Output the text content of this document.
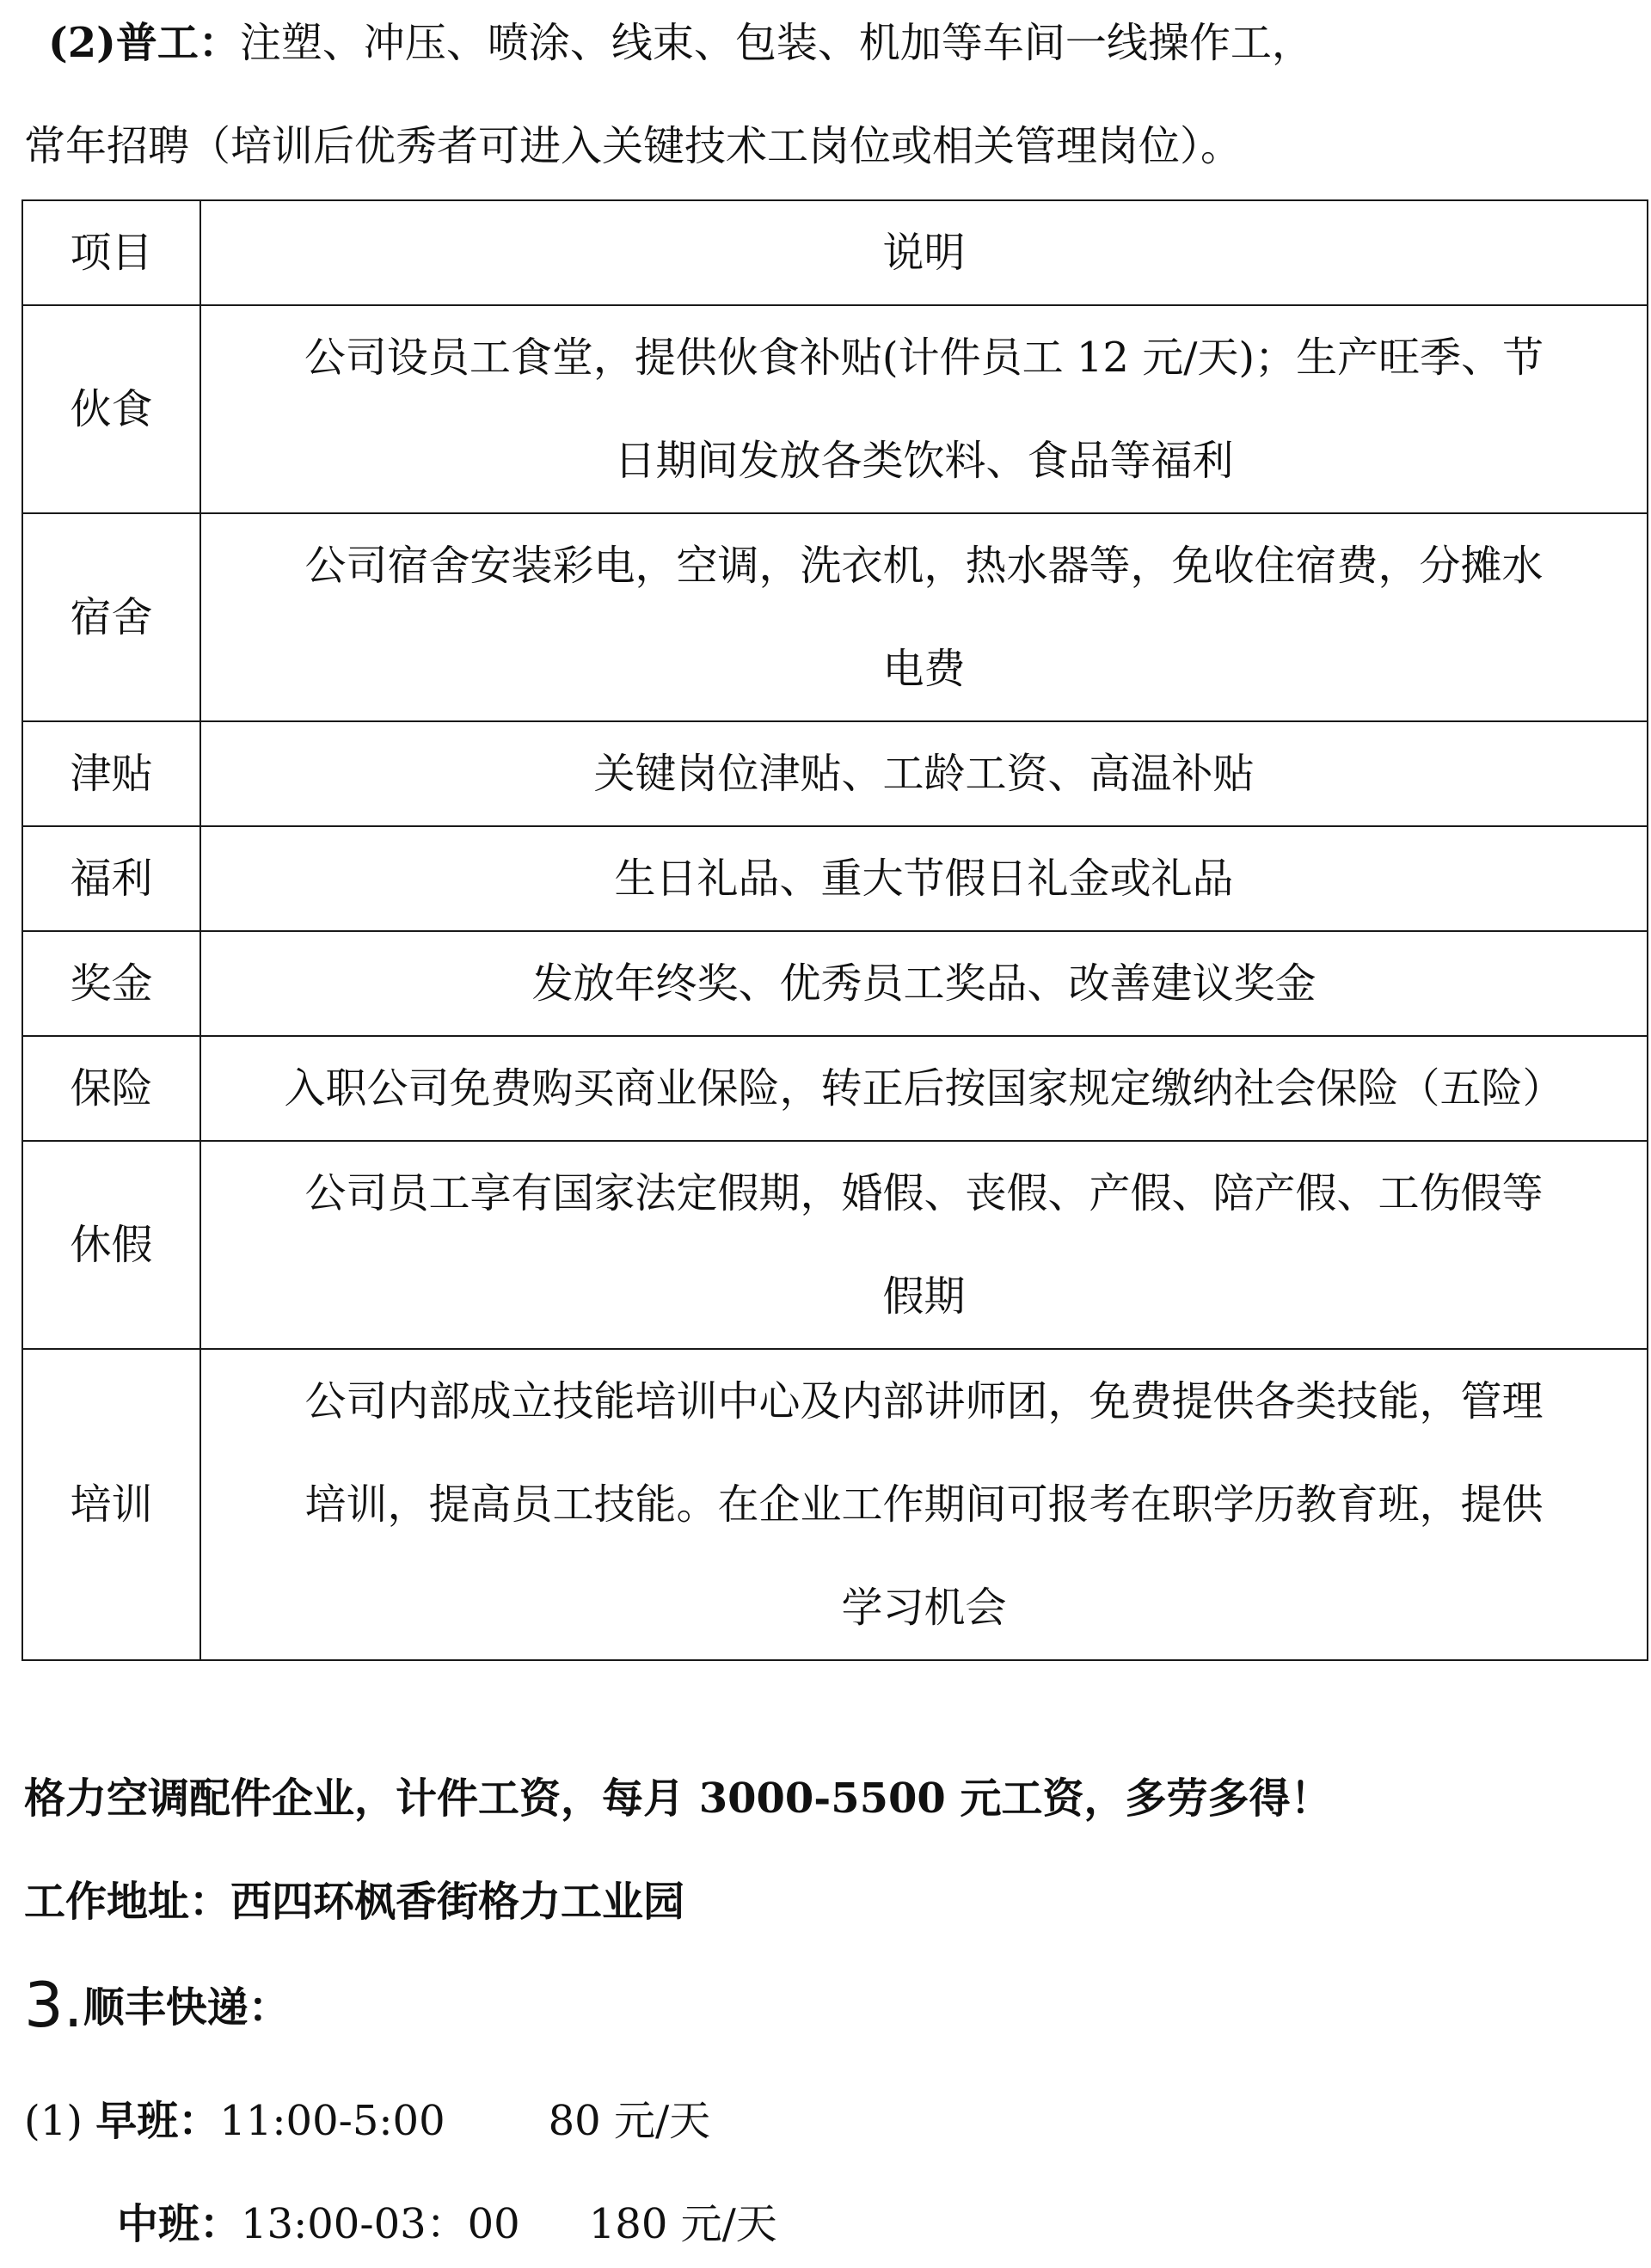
(2)普工：注塑、冲压、喷涂、线束、包装、机加等车间一线操作工，
常年招聘（培训后优秀者可进入关键技术工岗位或相关管理岗位）。
项目	说明
伙食	公司设员工食堂，提供伙食补贴(计件员工 12 元/天)；生产旺季、节
日期间发放各类饮料、食品等福利
宿舍	公司宿舍安装彩电，空调，洗衣机，热水器等，免收住宿费，分摊水
电费
津贴	关键岗位津贴、工龄工资、高温补贴
福利	生日礼品、重大节假日礼金或礼品
奖金	发放年终奖、优秀员工奖品、改善建议奖金
保险	入职公司免费购买商业保险，转正后按国家规定缴纳社会保险（五险）
休假	公司员工享有国家法定假期，婚假、丧假、产假、陪产假、工伤假等
假期
培训	公司内部成立技能培训中心及内部讲师团，免费提供各类技能，管理
培训，提高员工技能。在企业工作期间可报考在职学历教育班，提供
学习机会
格力空调配件企业，计件工资，每月 3000-5500 元工资，多劳多得！
工作地址：西四环枫香街格力工业园
3.顺丰快递：
(1) 早班：11:00-5:00	80 元/天
中班：13:00-03：00 180 元/天
